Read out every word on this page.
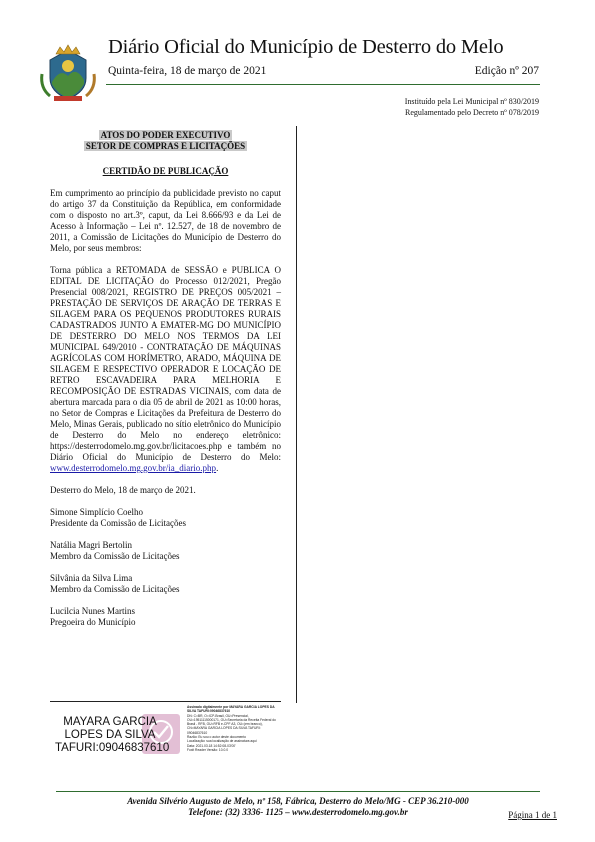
Diário Oficial do Município de Desterro do Melo
Quinta-feira, 18 de março de 2021	Edição nº 207
Instituído pela Lei Municipal nº 830/2019
Regulamentado pelo Decreto nº 078/2019
ATOS DO PODER EXECUTIVO
SETOR DE COMPRAS E LICITAÇÕES
CERTIDÃO DE PUBLICAÇÃO
Em cumprimento ao princípio da publicidade previsto no caput do artigo 37 da Constituição da República, em conformidade com o disposto no art.3º, caput, da Lei 8.666/93 e da Lei de Acesso à Informação – Lei nº. 12.527, de 18 de novembro de 2011, a Comissão de Licitações do Município de Desterro do Melo, por seus membros:
Torna pública a RETOMADA de SESSÃO e PUBLICA O EDITAL DE LICITAÇÃO do Processo 012/2021, Pregão Presencial 008/2021, REGISTRO DE PREÇOS 005/2021 – PRESTAÇÃO DE SERVIÇOS DE ARAÇÃO DE TERRAS E SILAGEM PARA OS PEQUENOS PRODUTORES RURAIS CADASTRADOS JUNTO A EMATER-MG DO MUNICÍPIO DE DESTERRO DO MELO NOS TERMOS DA LEI MUNICIPAL 649/2010 - CONTRATAÇÃO DE MÁQUINAS AGRÍCOLAS COM HORÍMETRO, ARADO, MÁQUINA DE SILAGEM E RESPECTIVO OPERADOR E LOCAÇÃO DE RETRO ESCAVADEIRA PARA MELHORIA E RECOMPOSIÇÃO DE ESTRADAS VICINAIS, com data de abertura marcada para o dia 05 de abril de 2021 as 10:00 horas, no Setor de Compras e Licitações da Prefeitura de Desterro do Melo, Minas Gerais, publicado no sítio eletrônico do Município de Desterro do Melo no endereço eletrônico: https://desterrodomelo.mg.gov.br/licitacoes.php e também no Diário Oficial do Município de Desterro do Melo: www.desterrodomelo.mg.gov.br/ia_diario.php.
Desterro do Melo, 18 de março de 2021.
Simone Simplício Coelho
Presidente da Comissão de Licitações
Natália Magri Bertolin
Membro da Comissão de Licitações
Silvânia da Silva Lima
Membro da Comissão de Licitações
Lucilcia Nunes Martins
Pregoeira do Município
MAYARA GARCIA
LOPES DA SILVA
TAFURI:09046837610
Assinado digitalmente por MAYARA GARCIA LOPES DA
SILVA TAFURI:09046837610
DN: C=BR, O=ICP-Brasil, OU=Presencial,
OU=19511115000171, OU=Secretaria da Receita Federal do
Brasil - RFB, OU=RFB e-CPF A3, OU=(em branco),
CN=MAYARA GARCIA LOPES DA SILVA TAFURI:
09046837610
Razão: Eu sou o autor deste documento
Localização: sua localização de assinatura aqui
Data: 2021.03.18 14:52:08-03'00'
Foxit Reader Versão: 10.0.0
Avenida Silvério Augusto de Melo, nº 158, Fábrica, Desterro do Melo/MG - CEP 36.210-000
Telefone: (32) 3336- 1125 – www.desterrodomelo.mg.gov.br	Página 1 de 1
